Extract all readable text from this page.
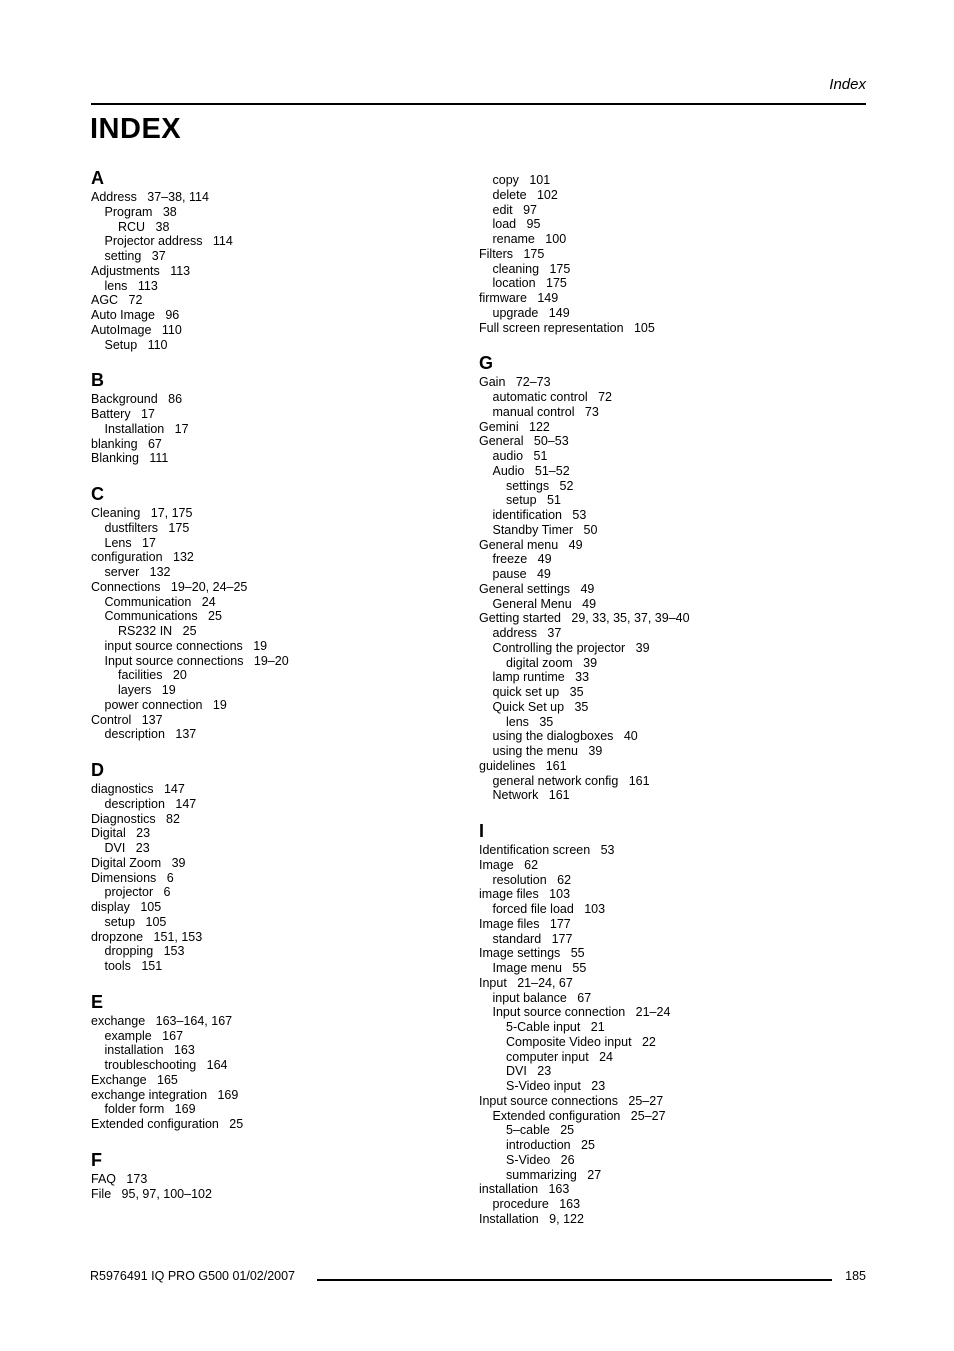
Index
INDEX
A
Address   37–38, 114
Program   38
RCU   38
Projector address   114
setting   37
Adjustments   113
lens   113
AGC   72
Auto Image   96
AutoImage   110
Setup   110
B
Background   86
Battery   17
Installation   17
blanking   67
Blanking   111
C
Cleaning   17, 175
dustfilters   175
Lens   17
configuration   132
server   132
Connections   19–20, 24–25
Communication   24
Communications   25
RS232 IN   25
input source connections   19
Input source connections   19–20
facilities   20
layers   19
power connection   19
Control   137
description   137
D
diagnostics   147
description   147
Diagnostics   82
Digital   23
DVI   23
Digital Zoom   39
Dimensions   6
projector   6
display   105
setup   105
dropzone   151, 153
dropping   153
tools   151
E
exchange   163–164, 167
example   167
installation   163
troubleschooting   164
Exchange   165
exchange integration   169
folder form   169
Extended configuration   25
F
FAQ   173
File   95, 97, 100–102
copy   101
delete   102
edit   97
load   95
rename   100
Filters   175
cleaning   175
location   175
firmware   149
upgrade   149
Full screen representation   105
G
Gain   72–73
automatic control   72
manual control   73
Gemini   122
General   50–53
audio   51
Audio   51–52
settings   52
setup   51
identification   53
Standby Timer   50
General menu   49
freeze   49
pause   49
General settings   49
General Menu   49
Getting started   29, 33, 35, 37, 39–40
address   37
Controlling the projector   39
digital zoom   39
lamp runtime   33
quick set up   35
Quick Set up   35
lens   35
using the dialogboxes   40
using the menu   39
guidelines   161
general network config   161
Network   161
I
Identification screen   53
Image   62
resolution   62
image files   103
forced file load   103
Image files   177
standard   177
Image settings   55
Image menu   55
Input   21–24, 67
input balance   67
Input source connection   21–24
5-Cable input   21
Composite Video input   22
computer input   24
DVI   23
S-Video input   23
Input source connections   25–27
Extended configuration   25–27
5–cable   25
introduction   25
S-Video   26
summarizing   27
installation   163
procedure   163
Installation   9, 122
R5976491 IQ PRO G500 01/02/2007	185
